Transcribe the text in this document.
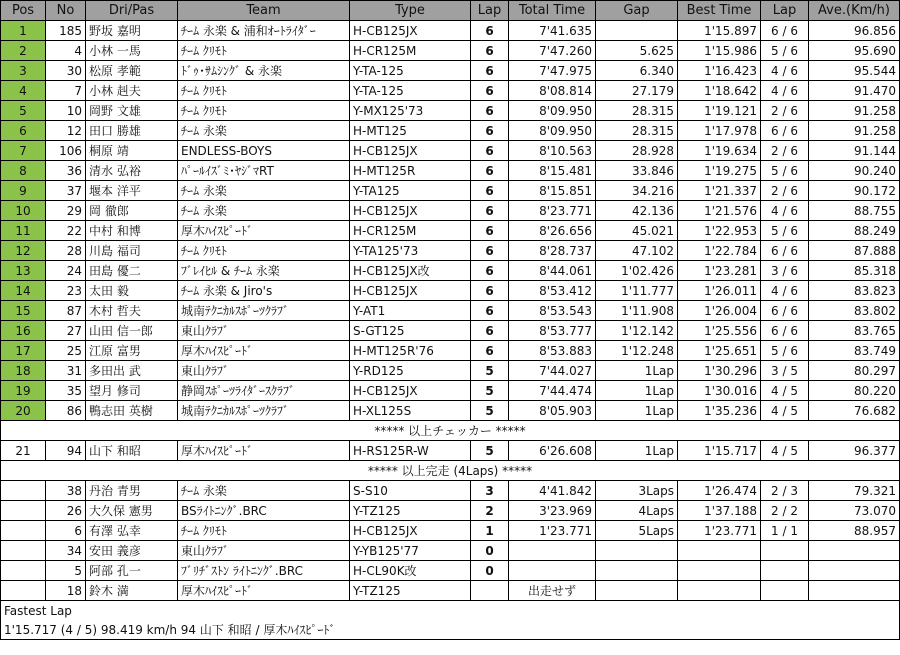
Pos	No	Dri/Pas	Team	Type	Lap	Total Time	Gap	Best Time	Lap	Ave.(Km/h)
1	185	野坂 嘉明	ﾁｰﾑ 永楽 & 浦和ｵｰﾄﾗｲﾀﾞｰ	H-CB125JX	6	7'41.635		1'15.897	6 / 6	96.856
2	4	小林 一馬	ﾁｰﾑ ｸﾘﾓﾄ	H-CR125M	6	7'47.260	5.625	1'15.986	5 / 6	95.690
3	30	松原 孝範	ﾄﾞｩ･ｻﾑｼﾝｸﾞ & 永楽	Y-TA-125	6	7'47.975	6.340	1'16.423	4 / 6	95.544
4	7	小林 赳夫	ﾁｰﾑ ｸﾘﾓﾄ	Y-TA-125	6	8'08.814	27.179	1'18.642	4 / 6	91.470
5	10	岡野 文雄	ﾁｰﾑ ｸﾘﾓﾄ	Y-MX125'73	6	8'09.950	28.315	1'19.121	2 / 6	91.258
6	12	田口 勝雄	ﾁｰﾑ 永楽	H-MT125	6	8'09.950	28.315	1'17.978	6 / 6	91.258
7	106	桐原 靖	ENDLESS-BOYS	H-CB125JX	6	8'10.563	28.928	1'19.634	2 / 6	91.144
8	36	清水 弘裕	ﾊﾟｰﾙｲｽﾞﾐ･ﾔｼﾞﾏRT	H-MT125R	6	8'15.481	33.846	1'19.275	5 / 6	90.240
9	37	堰本 洋平	ﾁｰﾑ 永楽	Y-TA125	6	8'15.851	34.216	1'21.337	2 / 6	90.172
10	29	岡 徹郎	ﾁｰﾑ 永楽	H-CB125JX	6	8'23.771	42.136	1'21.576	4 / 6	88.755
11	22	中村 和博	厚木ﾊｲｽﾋﾟｰﾄﾞ	H-CR125M	6	8'26.656	45.021	1'22.953	5 / 6	88.249
12	28	川島 福司	ﾁｰﾑ ｸﾘﾓﾄ	Y-TA125'73	6	8'28.737	47.102	1'22.784	6 / 6	87.888
13	24	田島 優二	ﾌﾞﾚｲﾋﾙ & ﾁｰﾑ 永楽	H-CB125JX改	6	8'44.061	1'02.426	1'23.281	3 / 6	85.318
14	23	太田 毅	ﾁｰﾑ 永楽 & Jiro's	H-CB125JX	6	8'53.412	1'11.777	1'26.011	4 / 6	83.823
15	87	木村 哲夫	城南ﾃｸﾆｶﾙｽﾎﾟｰﾂｸﾗﾌﾞ	Y-AT1	6	8'53.543	1'11.908	1'26.004	6 / 6	83.802
16	27	山田 信一郎	東山ｸﾗﾌﾞ	S-GT125	6	8'53.777	1'12.142	1'25.556	6 / 6	83.765
17	25	江原 富男	厚木ﾊｲｽﾋﾟｰﾄﾞ	H-MT125R'76	6	8'53.883	1'12.248	1'25.651	5 / 6	83.749
18	31	多田出 武	東山ｸﾗﾌﾞ	Y-RD125	5	7'44.027	1Lap	1'30.296	3 / 5	80.297
19	35	望月 修司	静岡ｽﾎﾟｰﾂﾗｲﾀﾞｰｽｸﾗﾌﾞ	H-CB125JX	5	7'44.474	1Lap	1'30.016	4 / 5	80.220
20	86	鴨志田 英樹	城南ﾃｸﾆｶﾙｽﾎﾟｰﾂｸﾗﾌﾞ	H-XL125S	5	8'05.903	1Lap	1'35.236	4 / 5	76.682
***** 以上チェッカー *****										
21	94	山下 和昭	厚木ﾊｲｽﾋﾟｰﾄﾞ	H-RS125R-W	5	6'26.608	1Lap	1'15.717	4 / 5	96.377
***** 以上完走 (4Laps) *****										
	38	丹治 青男	ﾁｰﾑ 永楽	S-S10	3	4'41.842	3Laps	1'26.474	2 / 3	79.321
	26	大久保 憲男	BSﾗｲﾄﾆﾝｸﾞ.BRC	Y-TZ125	2	3'23.969	4Laps	1'37.188	2 / 2	73.070
	6	有澤 弘幸	ﾁｰﾑ ｸﾘﾓﾄ	H-CB125JX	1	1'23.771	5Laps	1'23.771	1 / 1	88.957
	34	安田 義彦	東山ｸﾗﾌﾞ	Y-YB125'77	0					
	5	阿部 孔一	ﾌﾞﾘﾁﾞｽﾄﾝ ﾗｲﾄﾆﾝｸﾞ.BRC	H-CL90K改	0					
	18	鈴木 満	厚木ﾊｲｽﾋﾟｰﾄﾞ	Y-TZ125		出走せず				
Fastest Lap										
1'15.717 (4 / 5) 98.419 km/h 94 山下 和昭 / 厚木ﾊｲｽﾋﾟｰﾄﾞ										
